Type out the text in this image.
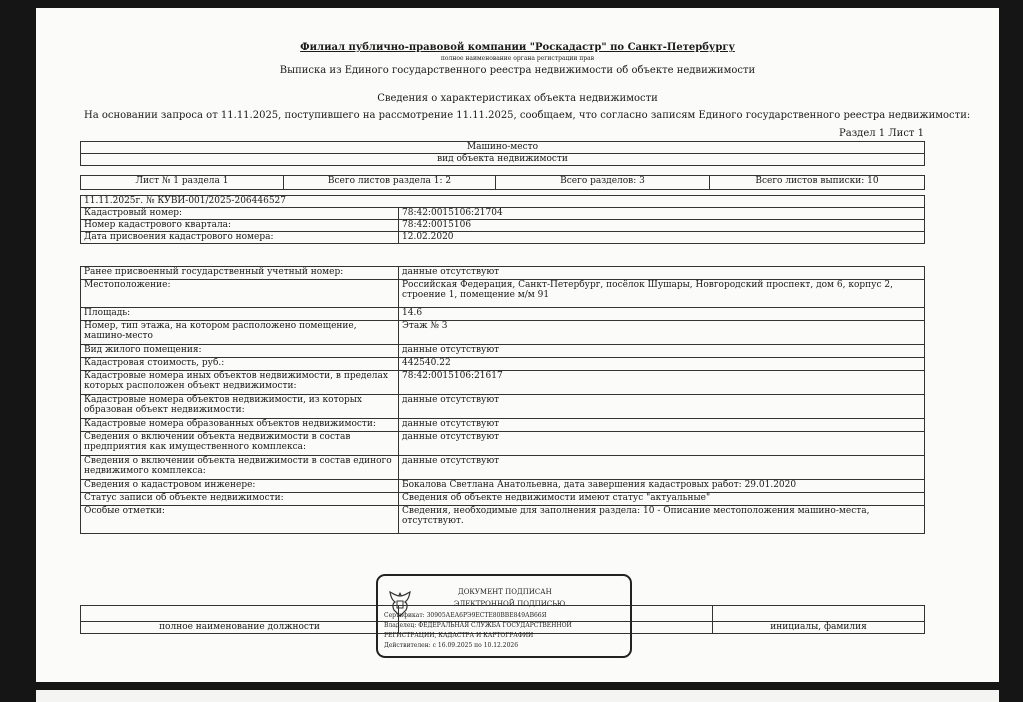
Филиал публично-правовой компании "Роскадастр" по Санкт-Петербургу
полное наименование органа регистрации прав
Выписка из Единого государственного реестра недвижимости об объекте недвижимости
Сведения о характеристиках объекта недвижимости
На основании запроса от 11.11.2025, поступившего на рассмотрение 11.11.2025, сообщаем, что согласно записям Единого государственного реестра недвижимости:
Раздел 1 Лист 1
Машино-место
вид объекта недвижимости
Лист № 1 раздела 1	Всего листов раздела 1: 2	Всего разделов: 3	Всего листов выписки: 10
11.11.2025г. № КУВИ-001/2025-206446527	
Кадастровый номер:	78:42:0015106:21704
Номер кадастрового квартала:	78:42:0015106
Дата присвоения кадастрового номера:	12.02.2020
Ранее присвоенный государственный учетный номер:	данные отсутствуют
Местоположение:	Российская Федерация, Санкт-Петербург, посёлок Шушары, Новгородский проспект, дом 6, корпус 2, строение 1, помещение м/м 91
Площадь:	14.6
Номер, тип этажа, на котором расположено помещение, машино-место	Этаж № 3
Вид жилого помещения:	данные отсутствуют
Кадастровая стоимость, руб.:	442540.22
Кадастровые номера иных объектов недвижимости, в пределах которых расположен объект недвижимости:	78:42:0015106:21617
Кадастровые номера объектов недвижимости, из которых образован объект недвижимости:	данные отсутствуют
Кадастровые номера образованных объектов недвижимости:	данные отсутствуют
Сведения о включении объекта недвижимости в состав предприятия как имущественного комплекса:	данные отсутствуют
Сведения о включении объекта недвижимости в состав единого недвижимого комплекса:	данные отсутствуют
Сведения о кадастровом инженере:	Бокалова Светлана Анатольевна, дата завершения кадастровых работ: 29.01.2020
Статус записи об объекте недвижимости:	Сведения об объекте недвижимости имеют статус "актуальные"
Особые отметки:	Сведения, необходимые для заполнения раздела: 10 - Описание местоположения машино-места, отсутствуют.

полное наименование должности		инициалы, фамилия
ДОКУМЕНТ ПОДПИСАН
ЭЛЕКТРОННОЙ ПОДПИСЬЮ
Сертификат: 30905АЕА6РЭ9ЕСТЕ80ВВЕ849АВ66Я
Владелец: ФЕДЕРАЛЬНАЯ СЛУЖБА ГОСУДАРСТВЕННОЙ
РЕГИСТРАЦИИ, КАДАСТРА И КАРТОГРАФИИ
Действителен: с 16.09.2025 по 10.12.2026
